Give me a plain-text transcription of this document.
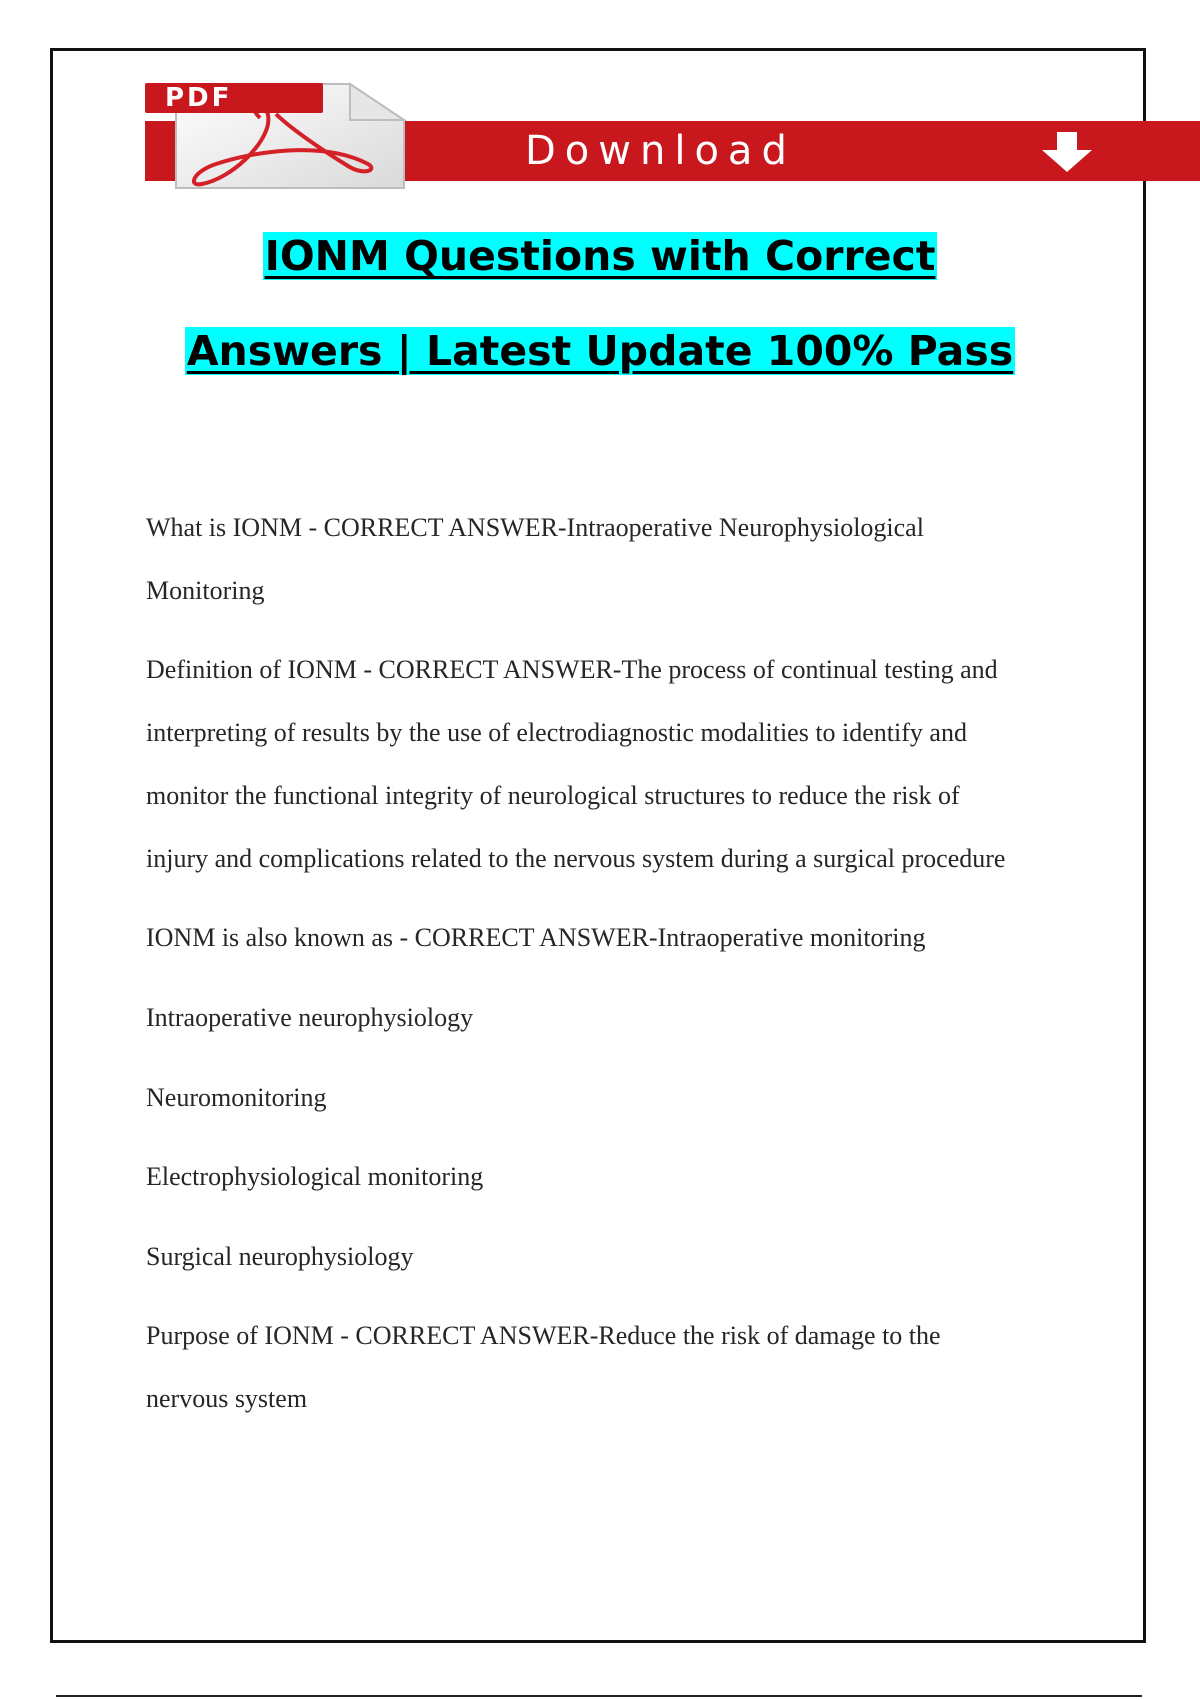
Download
PDF
IONM Questions with Correct
Answers | Latest Update 100% Pass

What is IONM - CORRECT ANSWER-Intraoperative Neurophysiological

Monitoring

Definition of IONM - CORRECT ANSWER-The process of continual testing and

interpreting of results by the use of electrodiagnostic modalities to identify and

monitor the functional integrity of neurological structures to reduce the risk of

injury and complications related to the nervous system during a surgical procedure

IONM is also known as - CORRECT ANSWER-Intraoperative monitoring

Intraoperative neurophysiology

Neuromonitoring

Electrophysiological monitoring

Surgical neurophysiology

Purpose of IONM - CORRECT ANSWER-Reduce the risk of damage to the

nervous system
